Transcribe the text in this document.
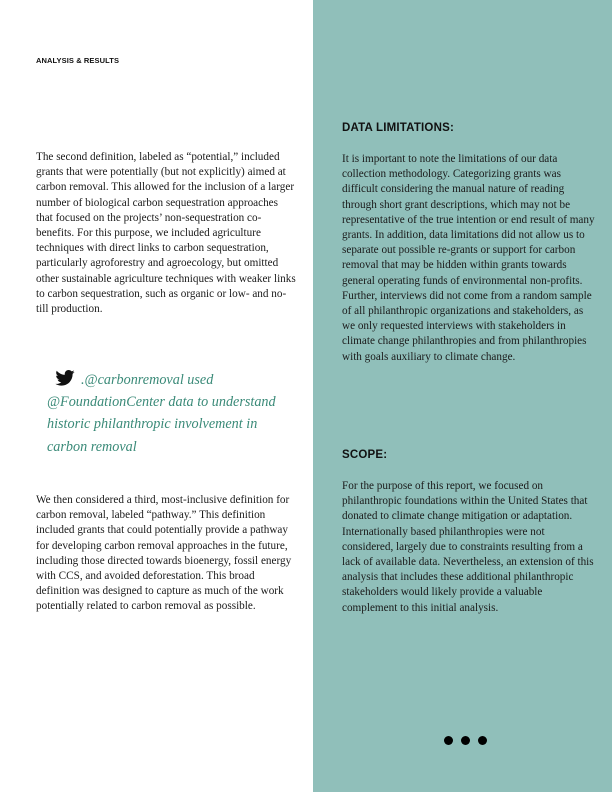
ANALYSIS & RESULTS
The second definition, labeled as “potential,” included grants that were potentially (but not explicitly) aimed at carbon removal. This allowed for the inclusion of a larger number of biological carbon sequestration approaches that focused on the projects’ non-sequestration co-benefits. For this purpose, we included agriculture techniques with direct links to carbon sequestration, particularly agroforestry and agroecology, but omitted other sustainable agriculture techniques with weaker links to carbon sequestration, such as organic or low- and no-till production.
.@carbonremoval used @FoundationCenter data to understand historic philanthropic involvement in carbon removal
We then considered a third, most-inclusive definition for carbon removal, labeled “pathway.” This definition included grants that could potentially provide a pathway for developing carbon removal approaches in the future, including those directed towards bioenergy, fossil energy with CCS, and avoided deforestation. This broad definition was designed to capture as much of the work potentially related to carbon removal as possible.
DATA LIMITATIONS:
It is important to note the limitations of our data collection methodology. Categorizing grants was difficult considering the manual nature of reading through short grant descriptions, which may not be representative of the true intention or end result of many grants. In addition, data limitations did not allow us to separate out possible re-grants or support for carbon removal that may be hidden within grants towards general operating funds of environmental non-profits. Further, interviews did not come from a random sample of all philanthropic organizations and stakeholders, as we only requested interviews with stakeholders in climate change philanthropies and from philanthropies with goals auxiliary to climate change.
SCOPE:
For the purpose of this report, we focused on philanthropic foundations within the United States that donated to climate change mitigation or adaptation. Internationally based philanthropies were not considered, largely due to constraints resulting from a lack of available data. Nevertheless, an extension of this analysis that includes these additional philanthropic stakeholders would likely provide a valuable complement to this initial analysis.
